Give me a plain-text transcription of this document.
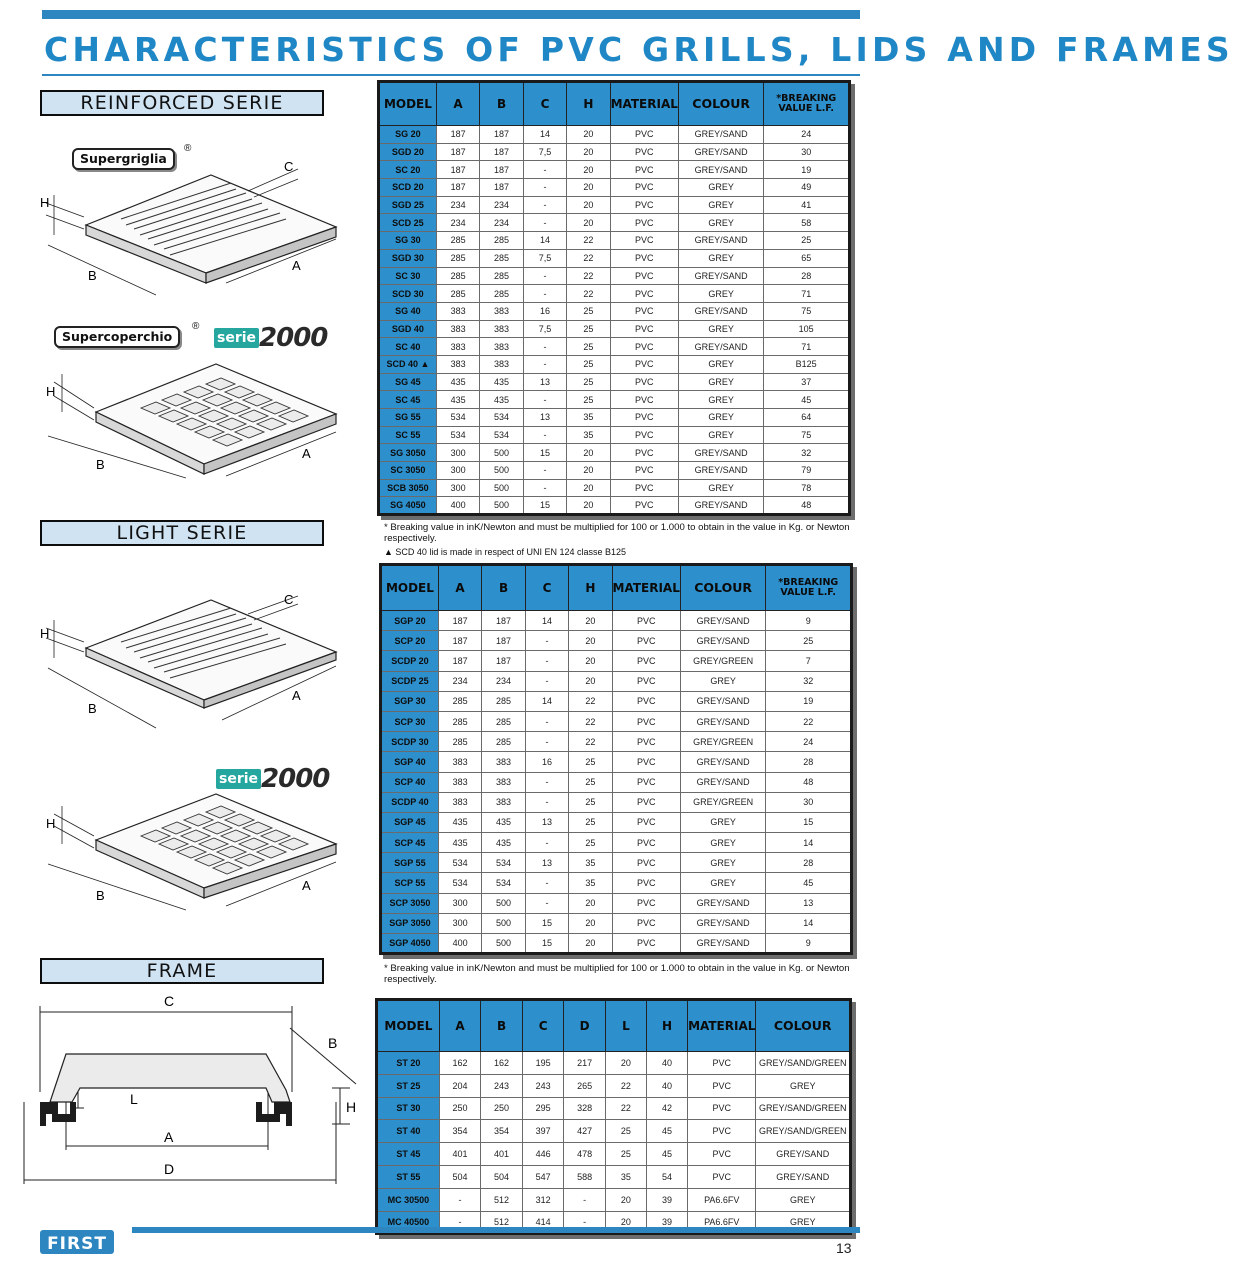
CHARACTERISTICS OF PVC GRILLS, LIDS AND FRAMES
REINFORCED SERIE
Supergriglia
®
H
B
A
C
Supercoperchio
®
serie 2000
H
B
A
MODEL	A	B	C	H	MATERIAL	COLOUR	*BREAKING VALUE L.F.
SG 20	187	187	14	20	PVC	GREY/SAND	24
SGD 20	187	187	7,5	20	PVC	GREY/SAND	30
SC 20	187	187	-	20	PVC	GREY/SAND	19
SCD 20	187	187	-	20	PVC	GREY	49
SGD 25	234	234	-	20	PVC	GREY	41
SCD 25	234	234	-	20	PVC	GREY	58
SG 30	285	285	14	22	PVC	GREY/SAND	25
SGD 30	285	285	7,5	22	PVC	GREY	65
SC 30	285	285	-	22	PVC	GREY/SAND	28
SCD 30	285	285	-	22	PVC	GREY	71
SG 40	383	383	16	25	PVC	GREY/SAND	75
SGD 40	383	383	7,5	25	PVC	GREY	105
SC 40	383	383	-	25	PVC	GREY/SAND	71
SCD 40 ▲	383	383	-	25	PVC	GREY	B125
SG 45	435	435	13	25	PVC	GREY	37
SC 45	435	435	-	25	PVC	GREY	45
SG 55	534	534	13	35	PVC	GREY	64
SC 55	534	534	-	35	PVC	GREY	75
SG 3050	300	500	15	20	PVC	GREY/SAND	32
SC 3050	300	500	-	20	PVC	GREY/SAND	79
SCB 3050	300	500	-	20	PVC	GREY	78
SG 4050	400	500	15	20	PVC	GREY/SAND	48
* Breaking value in inK/Newton and must be multiplied for 100 or 1.000 to obtain in the value in Kg. or Newton respectively.
▲ SCD 40 lid is made in respect of UNI EN 124 classe B125
LIGHT SERIE
H
B
A
C
serie 2000
H
B
A
MODEL	A	B	C	H	MATERIAL	COLOUR	*BREAKING VALUE L.F.
SGP 20	187	187	14	20	PVC	GREY/SAND	9
SCP 20	187	187	-	20	PVC	GREY/SAND	25
SCDP 20	187	187	-	20	PVC	GREY/GREEN	7
SCDP 25	234	234	-	20	PVC	GREY	32
SGP 30	285	285	14	22	PVC	GREY/SAND	19
SCP 30	285	285	-	22	PVC	GREY/SAND	22
SCDP 30	285	285	-	22	PVC	GREY/GREEN	24
SGP 40	383	383	16	25	PVC	GREY/SAND	28
SCP 40	383	383	-	25	PVC	GREY/SAND	48
SCDP 40	383	383	-	25	PVC	GREY/GREEN	30
SGP 45	435	435	13	25	PVC	GREY	15
SCP 45	435	435	-	25	PVC	GREY	14
SGP 55	534	534	13	35	PVC	GREY	28
SCP 55	534	534	-	35	PVC	GREY	45
SCP 3050	300	500	-	20	PVC	GREY/SAND	13
SGP 3050	300	500	15	20	PVC	GREY/SAND	14
SGP 4050	400	500	15	20	PVC	GREY/SAND	9
* Breaking value in inK/Newton and must be multiplied for 100 or 1.000 to obtain in the value in Kg. or Newton respectively.
FRAME
C
B
H
L
A
D
MODEL	A	B	C	D	L	H	MATERIAL	COLOUR
ST 20	162	162	195	217	20	40	PVC	GREY/SAND/GREEN
ST 25	204	243	243	265	22	40	PVC	GREY
ST 30	250	250	295	328	22	42	PVC	GREY/SAND/GREEN
ST 40	354	354	397	427	25	45	PVC	GREY/SAND/GREEN
ST 45	401	401	446	478	25	45	PVC	GREY/SAND
ST 55	504	504	547	588	35	54	PVC	GREY/SAND
MC 30500	-	512	312	-	20	39	PA6.6FV	GREY
MC 40500	-	512	414	-	20	39	PA6.6FV	GREY
FIRST	13
